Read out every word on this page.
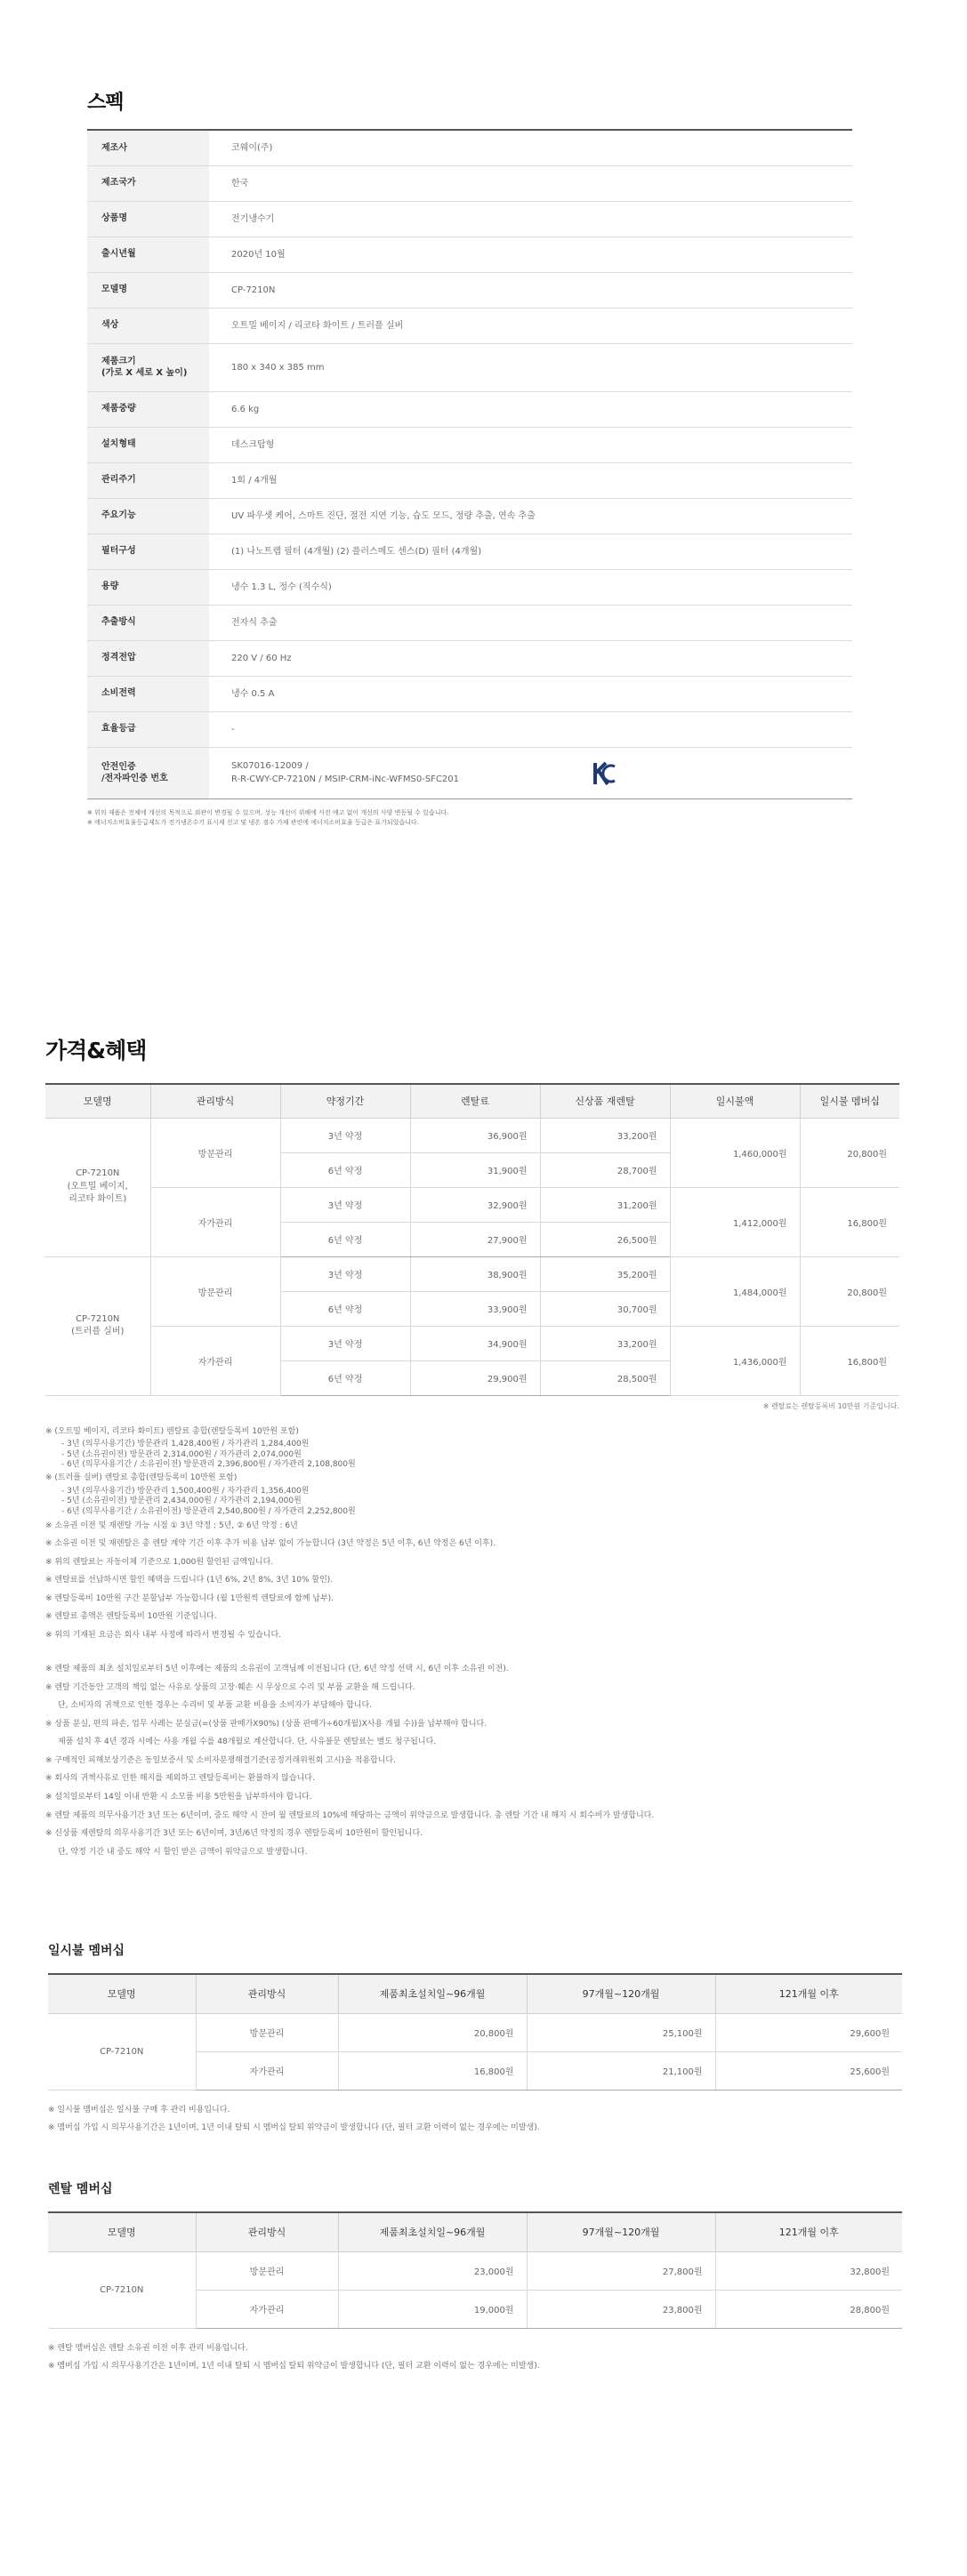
스펙
제조사	코웨이(주)
제조국가	한국
상품명	전기냉수기
출시년월	2020년 10월
모델명	CP-7210N
색상	오트밀 베이지 / 리코타 화이트 / 트러플 실버
제품크기
(가로 X 세로 X 높이)	180 x 340 x 385 mm
제품중량	6.6 kg
설치형태	데스크탑형
관리주기	1회 / 4개월
주요기능	UV 파우셋 케어, 스마트 진단, 절전 지연 기능, 습도 모드, 정량 추출, 연속 추출
필터구성	(1) 나노트랩 필터 (4개월) (2) 플러스메도 센스(D) 필터 (4개월)
용량	냉수 1.3 L, 정수 (직수식)
추출방식	전자식 추출
정격전압	220 V / 60 Hz
소비전력	냉수 0.5 A
효율등급	-
안전인증
/전자파인증 번호	SK07016-12009 /
R-R-CWY-CP-7210N / MSIP-CRM-iNc-WFMS0-SFC201
※ 위의 제품은 전체에 개선의 목적으로 외관이 변경될 수 있으며, 성능 개선이 위해에 사전 예고 없이 개선의 사양 변동될 수 있습니다.
※ 에너지소비효율등급제도가 전기냉온수기 표시제 신고 및 냉온 점수 가제 관련에 에너지소비효율 등급은 표기되었습니다.
가격&혜택
모델명	관리방식	약정기간	렌탈료	신상품 재렌탈	일시불액	일시불 멤버십
CP-7210N
(오트밀 베이지,
리코타 화이트)	방문관리	3년 약정	36,900원	33,200원	1,460,000원	20,800원
		6년 약정	31,900원	28,700원		
	자가관리	3년 약정	32,900원	31,200원	1,412,000원	16,800원
		6년 약정	27,900원	26,500원		
CP-7210N
(트러플 실버)	방문관리	3년 약정	38,900원	35,200원	1,484,000원	20,800원
		6년 약정	33,900원	30,700원		
	자가관리	3년 약정	34,900원	33,200원	1,436,000원	16,800원
		6년 약정	29,900원	28,500원		
※ 렌탈료는 렌탈등록비 10만원 기준입니다.
※ (오트밀 베이지, 리코타 화이트) 렌탈료 총합(렌탈등록비 10만원 포함)
- 3년 (의무사용기간) 방문관리 1,428,400원 / 자가관리 1,284,400원
- 5년 (소유권이전) 방문관리 2,314,000원 / 자가관리 2,074,000원
- 6년 (의무사용기간 / 소유권이전) 방문관리 2,396,800원 / 자가관리 2,108,800원
※ (트러플 실버) 렌탈료 총합(렌탈등록비 10만원 포함)
- 3년 (의무사용기간) 방문관리 1,500,400원 / 자가관리 1,356,400원
- 5년 (소유권이전) 방문관리 2,434,000원 / 자가관리 2,194,000원
- 6년 (의무사용기간 / 소유권이전) 방문관리 2,540,800원 / 자가관리 2,252,800원
※ 소유권 이전 및 재렌탈 가능 시점 ① 3년 약정 : 5년, ② 6년 약정 : 6년
※ 소유권 이전 및 재렌탈은 총 렌탈 계약 기간 이후 추가 비용 납부 없이 가능합니다 (3년 약정은 5년 이후, 6년 약정은 6년 이후).
※ 위의 렌탈료는 자동이체 기준으로 1,000원 할인된 금액입니다.
※ 렌탈료를 선납하시면 할인 혜택을 드립니다 (1년 6%, 2년 8%, 3년 10% 할인).
※ 렌탈등록비 10만원 구간 분할납부 가능합니다 (월 1만원씩 렌탈료에 함께 납부).
※ 렌탈료 총액은 렌탈등록비 10만원 기준입니다.
※ 위의 기재된 요금은 회사 내부 사정에 따라서 변경될 수 있습니다.
※ 렌탈 제품의 최초 설치일로부터 5년 이후에는 제품의 소유권이 고객님께 이전됩니다 (단, 6년 약정 선택 시, 6년 이후 소유권 이전).
※ 렌탈 기간동안 고객의 책임 없는 사유로 상품의 고장·훼손 시 무상으로 수리 및 부품 교환을 해 드립니다.
단, 소비자의 귀책으로 인한 경우는 수리비 및 부품 교환 비용을 소비자가 부담해야 합니다.
※ 상품 분실, 편의 파손, 업무 사례는 분실금(=(상품 판매가X90%) (상품 판매가÷60개월)X사용 개월 수))을 납부해야 합니다.
제품 설치 후 4년 경과 시에는 사용 개월 수를 48개월로 계산합니다. 단, 사유불문 렌탈료는 별도 청구됩니다.
※ 구매적인 피해보상기준은 동일보증서 및 소비자분쟁해결기준(공정거래위원회 고시)을 적용합니다.
※ 회사의 귀책사유로 인한 해지를 제외하고 렌탈등록비는 환불하지 않습니다.
※ 설치일로부터 14일 이내 반환 시 소모품 비용 5만원을 납부하셔야 합니다.
※ 렌탈 제품의 의무사용기간 3년 또는 6년이며, 중도 해약 시 잔여 월 렌탈료의 10%에 해당하는 금액이 위약금으로 발생합니다. 총 렌탈 기간 내 해지 시 회수비가 발생합니다.
※ 신상품 재렌탈의 의무사용기간 3년 또는 6년이며, 3년/6년 약정의 경우 렌탈등록비 10만원이 할인됩니다.
단, 약정 기간 내 중도 해약 시 할인 받은 금액이 위약금으로 발생합니다.
일시불 멤버십
모델명	관리방식	제품최초설치일~96개월	97개월~120개월	121개월 이후
CP-7210N	방문관리	20,800원	25,100원	29,600원
	자가관리	16,800원	21,100원	25,600원
※ 일시불 멤버십은 일시불 구매 후 관리 비용입니다.
※ 멤버십 가입 시 의무사용기간은 1년이며, 1년 이내 탈퇴 시 멤버십 탈퇴 위약금이 발생합니다 (단, 필터 교환 이력이 없는 경우에는 미발생).
렌탈 멤버십
모델명	관리방식	제품최초설치일~96개월	97개월~120개월	121개월 이후
CP-7210N	방문관리	23,000원	27,800원	32,800원
	자가관리	19,000원	23,800원	28,800원
※ 렌탈 멤버십은 렌탈 소유권 이전 이후 관리 비용입니다.
※ 멤버십 가입 시 의무사용기간은 1년이며, 1년 이내 탈퇴 시 멤버십 탈퇴 위약금이 발생합니다 (단, 필터 교환 이력이 없는 경우에는 미발생).
